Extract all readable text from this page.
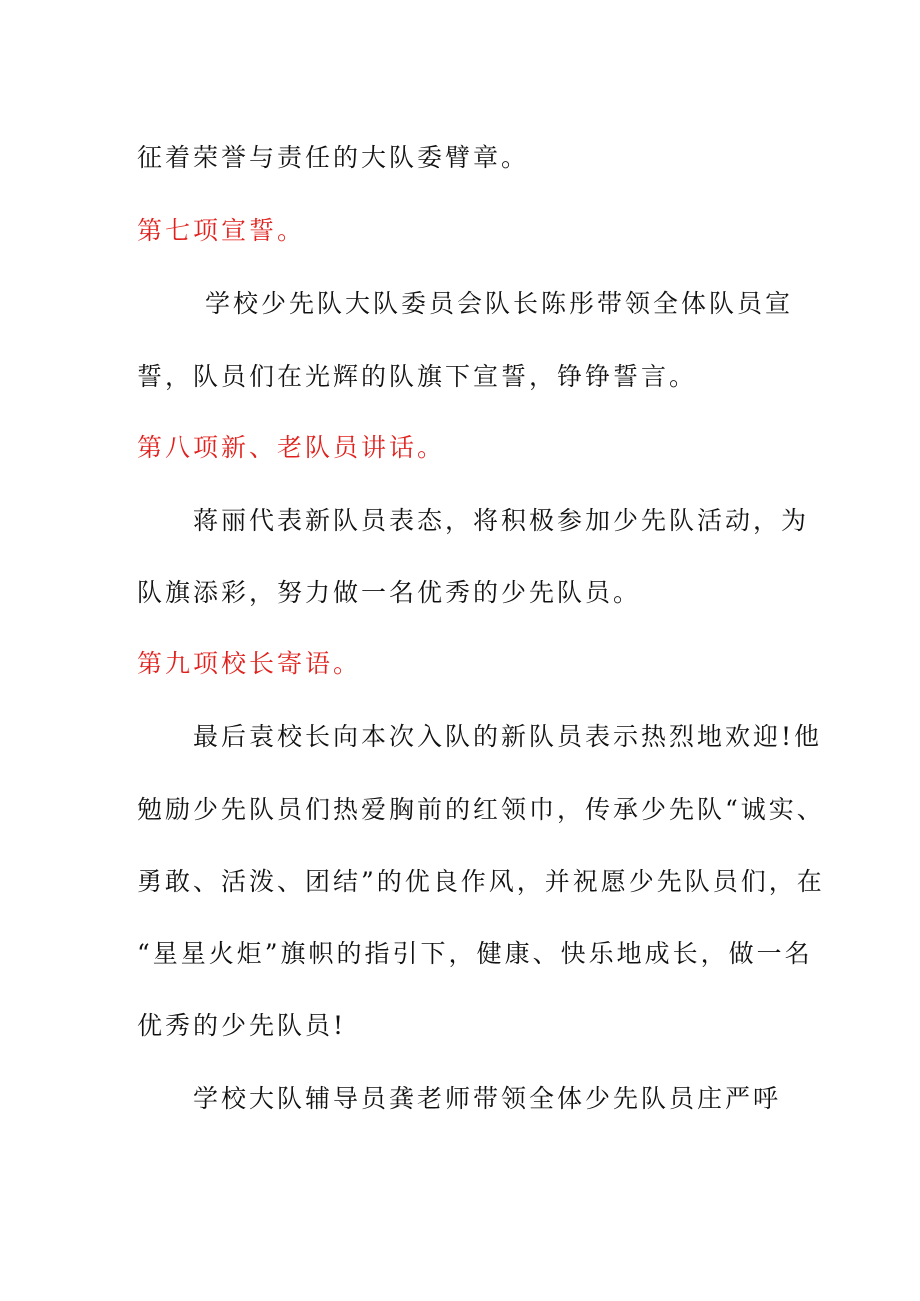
征着荣誉与责任的大队委臂章。
第七项宣誓。
学校少先队大队委员会队长陈彤带领全体队员宣
誓，队员们在光辉的队旗下宣誓，铮铮誓言。
第八项新、老队员讲话。
蒋丽代表新队员表态，将积极参加少先队活动，为
队旗添彩，努力做一名优秀的少先队员。
第九项校长寄语。
最后袁校长向本次入队的新队员表示热烈地欢迎!他
勉励少先队员们热爱胸前的红领巾，传承少先队“诚实、
勇敢、活泼、团结”的优良作风，并祝愿少先队员们，在
“星星火炬”旗帜的指引下，健康、快乐地成长，做一名
优秀的少先队员!
学校大队辅导员龚老师带领全体少先队员庄严呼
